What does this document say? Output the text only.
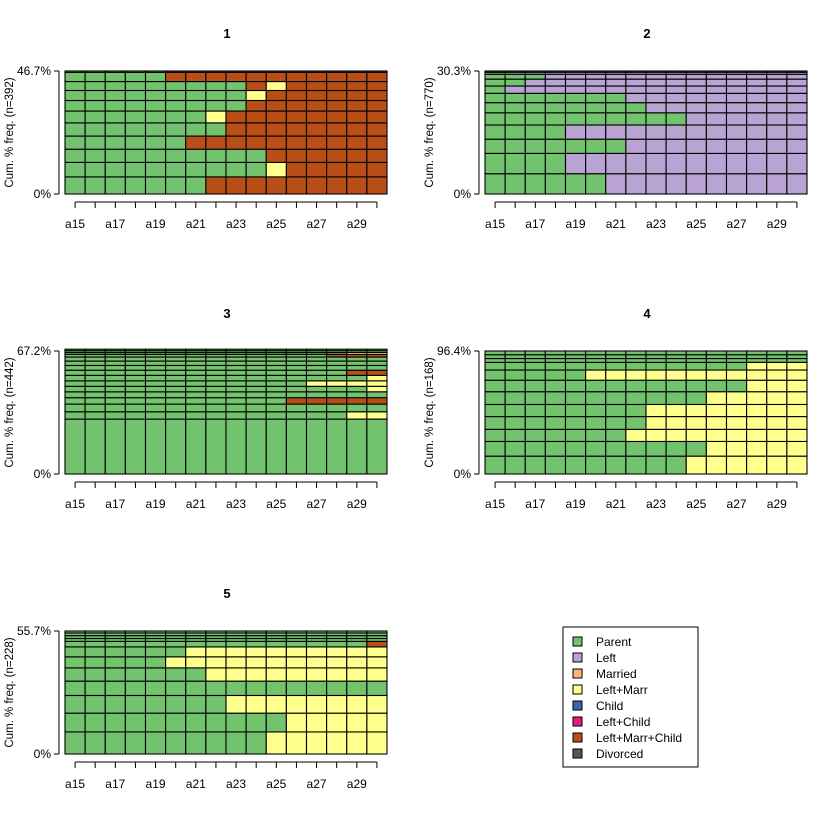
1
46.7%
0%
Cum. % freq. (n=392)
a15 a17 a19 a21 a23 a25 a27 a29
2
30.3%
0%
Cum. % freq. (n=770)
a15 a17 a19 a21 a23 a25 a27 a29
3
67.2%
0%
Cum. % freq. (n=442)
a15 a17 a19 a21 a23 a25 a27 a29
4
96.4%
0%
Cum. % freq. (n=168)
a15 a17 a19 a21 a23 a25 a27 a29
5
55.7%
0%
Cum. % freq. (n=228)
a15 a17 a19 a21 a23 a25 a27 a29
Parent
Left
Married
Left+Marr
Child
Left+Child
Left+Marr+Child
Divorced
